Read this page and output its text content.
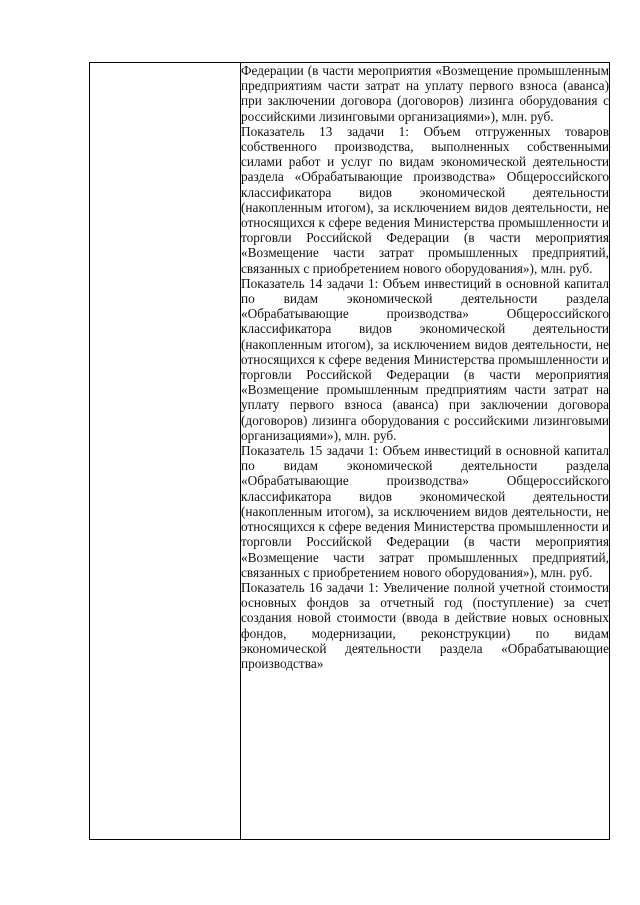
Федерации (в части мероприятия «Возмещение промышленным предприятиям части затрат на уплату первого взноса (аванса) при заключении договора (договоров) лизинга оборудования с российскими лизинговыми организациями»), млн. руб.

Показатель 13 задачи 1: Объем отгруженных товаров собственного производства, выполненных собственными силами работ и услуг по видам экономической деятельности раздела «Обрабатывающие производства» Общероссийского классификатора видов экономической деятельности (накопленным итогом), за исключением видов деятельности, не относящихся к сфере ведения Министерства промышленности и торговли Российской Федерации (в части мероприятия «Возмещение части затрат промышленных предприятий, связанных с приобретением нового оборудования»), млн. руб.

Показатель 14 задачи 1: Объем инвестиций в основной капитал по видам экономической деятельности раздела «Обрабатывающие производства» Общероссийского классификатора видов экономической деятельности (накопленным итогом), за исключением видов деятельности, не относящихся к сфере ведения Министерства промышленности и торговли Российской Федерации (в части мероприятия «Возмещение промышленным предприятиям части затрат на уплату первого взноса (аванса) при заключении договора (договоров) лизинга оборудования с российскими лизинговыми организациями»), млн. руб.

Показатель 15 задачи 1: Объем инвестиций в основной капитал по видам экономической деятельности раздела «Обрабатывающие производства» Общероссийского классификатора видов экономической деятельности (накопленным итогом), за исключением видов деятельности, не относящихся к сфере ведения Министерства промышленности и торговли Российской Федерации (в части мероприятия «Возмещение части затрат промышленных предприятий, связанных с приобретением нового оборудования»), млн. руб.

Показатель 16 задачи 1: Увеличение полной учетной стоимости основных фондов за отчетный год (поступление) за счет создания новой стоимости (ввода в действие новых основных фондов, модернизации, реконструкции) по видам экономической деятельности раздела «Обрабатывающие производства»
